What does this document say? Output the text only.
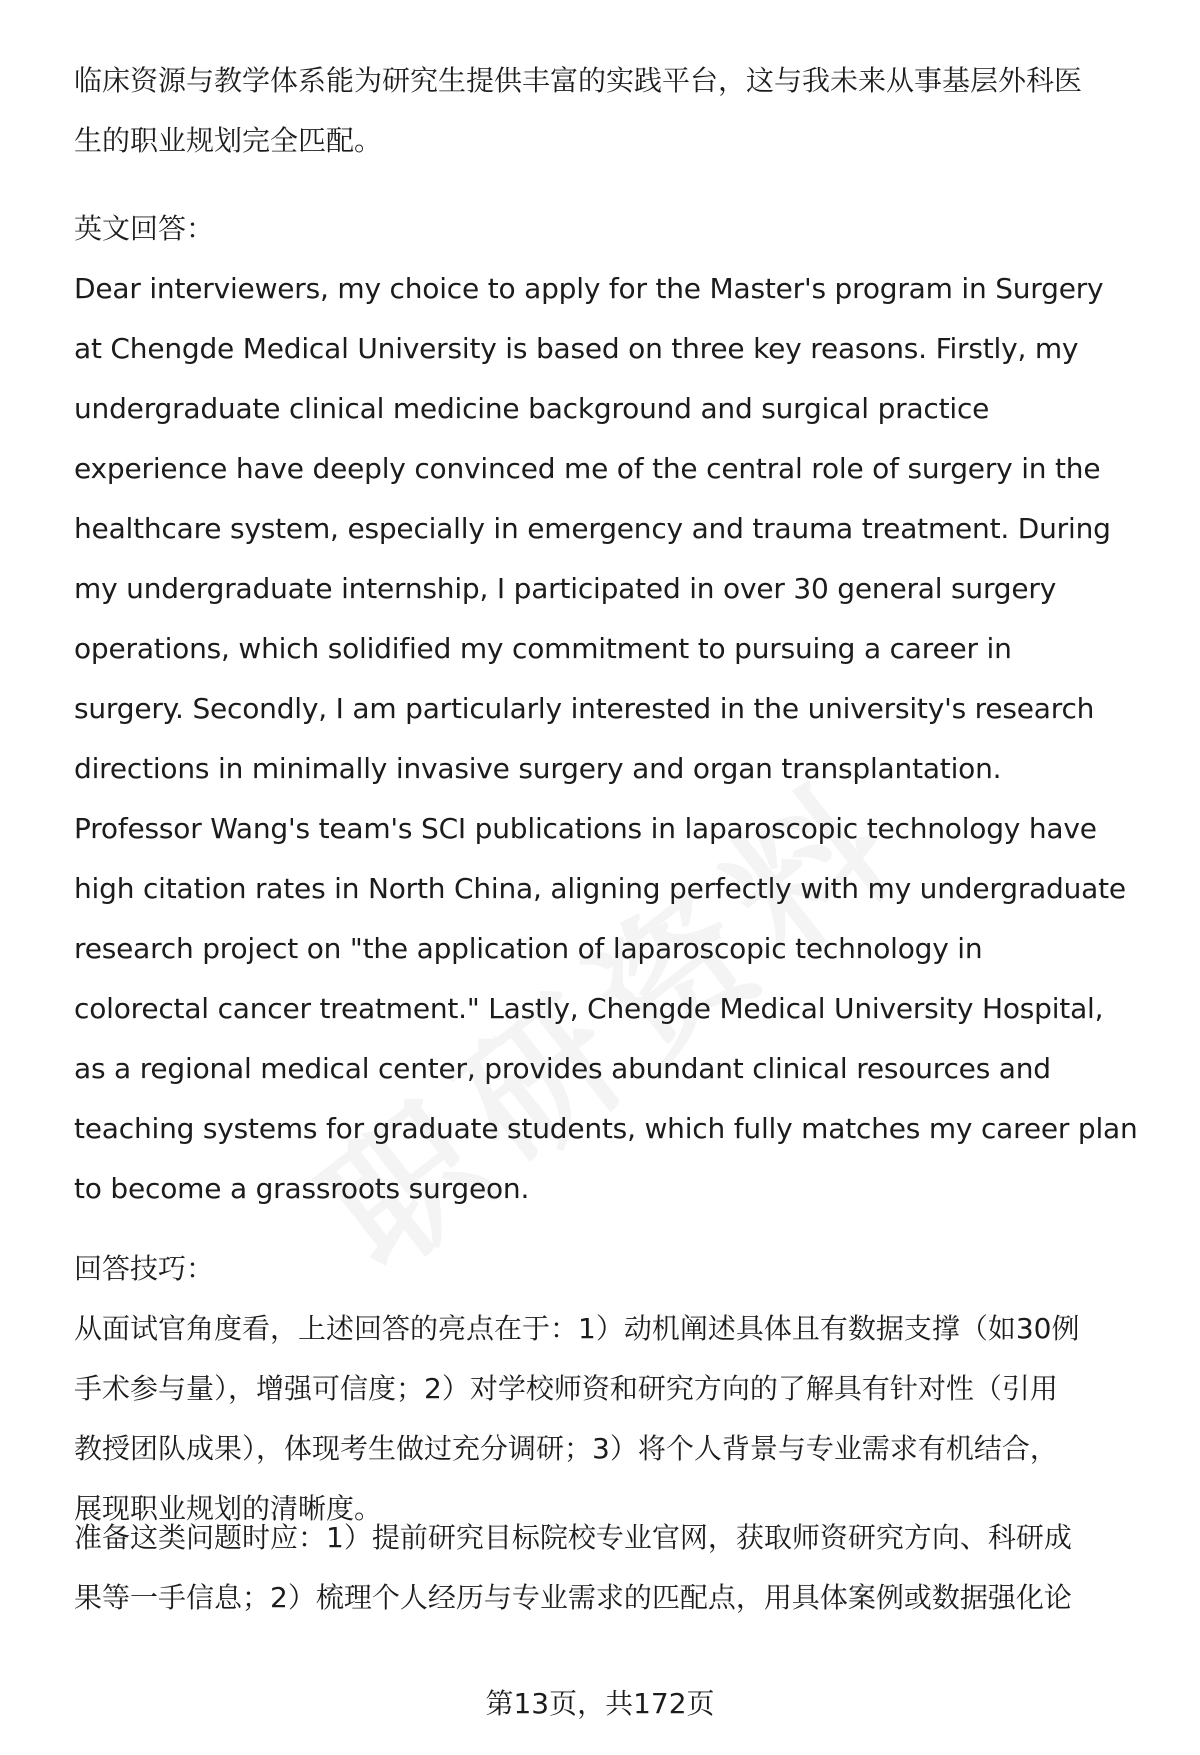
临床资源与教学体系能为研究生提供丰富的实践平台，这与我未来从事基层外科医
生的职业规划完全匹配。
英文回答：
Dear interviewers, my choice to apply for the Master's program in Surgery
at Chengde Medical University is based on three key reasons. Firstly, my
undergraduate clinical medicine background and surgical practice
experience have deeply convinced me of the central role of surgery in the
healthcare system, especially in emergency and trauma treatment. During
my undergraduate internship, I participated in over 30 general surgery
operations, which solidified my commitment to pursuing a career in
surgery. Secondly, I am particularly interested in the university's research
directions in minimally invasive surgery and organ transplantation.
Professor Wang's team's SCI publications in laparoscopic technology have
high citation rates in North China, aligning perfectly with my undergraduate
research project on "the application of laparoscopic technology in
colorectal cancer treatment." Lastly, Chengde Medical University Hospital,
as a regional medical center, provides abundant clinical resources and
teaching systems for graduate students, which fully matches my career plan
to become a grassroots surgeon.
回答技巧：
从面试官角度看，上述回答的亮点在于：1）动机阐述具体且有数据支撑（如30例
手术参与量），增强可信度；2）对学校师资和研究方向的了解具有针对性（引用
教授团队成果），体现考生做过充分调研；3）将个人背景与专业需求有机结合，
展现职业规划的清晰度。
准备这类问题时应：1）提前研究目标院校专业官网，获取师资研究方向、科研成
果等一手信息；2）梳理个人经历与专业需求的匹配点，用具体案例或数据强化论
第13页，共172页
